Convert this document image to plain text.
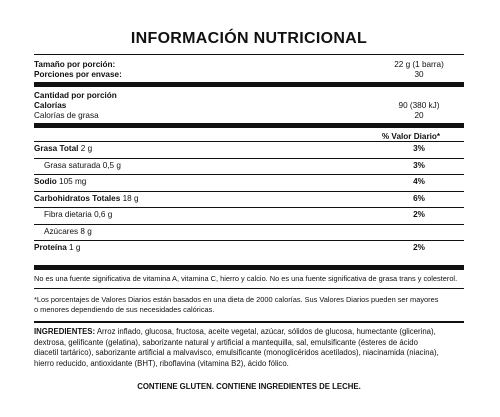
INFORMACIÓN NUTRICIONAL
Tamaño por porción:	22 g (1 barra)
Porciones por envase:	30
Cantidad por porción
Calorías	90 (380 kJ)
Calorías de grasa	20
% Valor Diario*
Grasa Total 2 g	3%
Grasa saturada 0,5 g	3%
Sodio 105 mg	4%
Carbohidratos Totales 18 g	6%
Fibra dietaria 0,6 g	2%
Azúcares 8 g
Proteína 1 g	2%
No es una fuente significativa de vitamina A, vitamina C, hierro y calcio. No es una fuente significativa de grasa trans y colesterol.
*Los porcentajes de Valores Diarios están basados en una dieta de 2000 calorías. Sus Valores Diarios pueden ser mayores
o menores dependiendo de sus necesidades calóricas.
INGREDIENTES: Arroz inflado, glucosa, fructosa, aceite vegetal, azúcar, sólidos de glucosa, humectante (glicerina),
dextrosa, gelificante (gelatina), saborizante natural y artificial a mantequilla, sal, emulsificante (ésteres de ácido
diacetil tartárico), saborizante artificial a malvavisco, emulsificante (monoglicéridos acetilados), niacinamida (niacina),
hierro reducido, antioxidante (BHT), riboflavina (vitamina B2), ácido fólico.
CONTIENE GLUTEN. CONTIENE INGREDIENTES DE LECHE.
